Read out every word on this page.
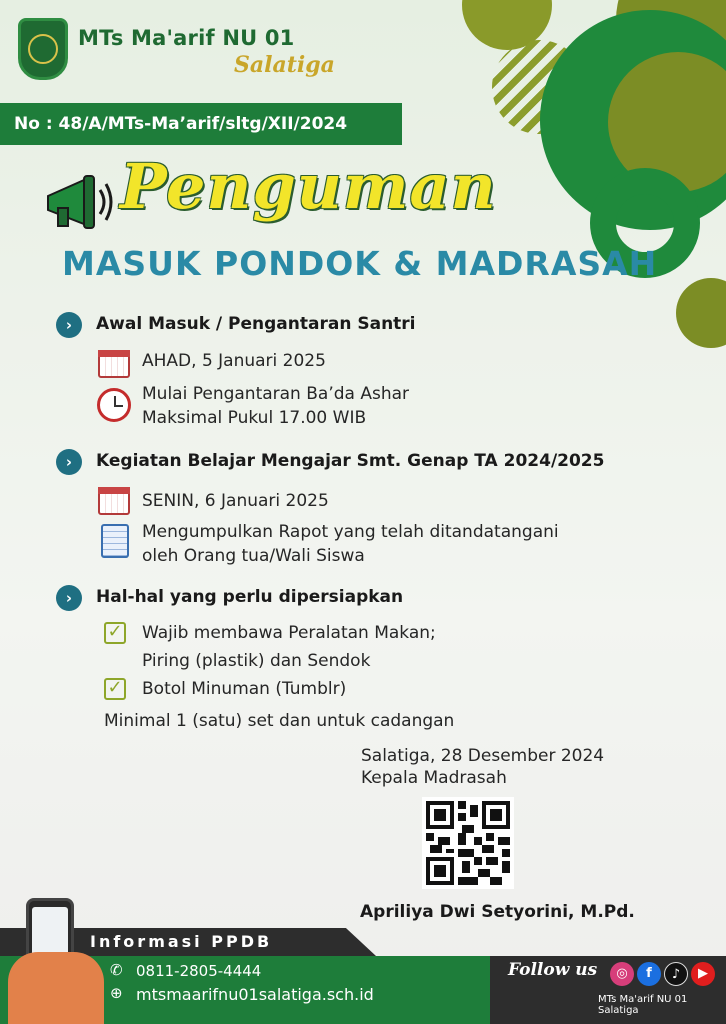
MTs Ma'arif NU 01
Salatiga
No : 48/A/MTs-Ma’arif/sltg/XII/2024
Penguman
MASUK PONDOK & MADRASAH
›	Awal Masuk / Pengantaran Santri
AHAD, 5 Januari 2025
Mulai Pengantaran Ba’da Ashar
Maksimal Pukul 17.00 WIB
›	Kegiatan Belajar Mengajar Smt. Genap TA 2024/2025
SENIN, 6 Januari 2025
Mengumpulkan Rapot yang telah ditandatangani
oleh Orang tua/Wali Siswa
›	Hal-hal yang perlu dipersiapkan
✓ Wajib membawa Peralatan Makan;
Piring (plastik) dan Sendok
✓ Botol Minuman (Tumblr)
Minimal 1 (satu) set dan untuk cadangan
Salatiga, 28 Desember 2024
Kepala Madrasah
Apriliya Dwi Setyorini, M.Pd.
Informasi PPDB
✆ 0811-2805-4444
⊕ mtsmaarifnu01salatiga.sch.id
Follow us	◎	f	♪	▶
MTs Ma'arif NU 01 Salatiga
